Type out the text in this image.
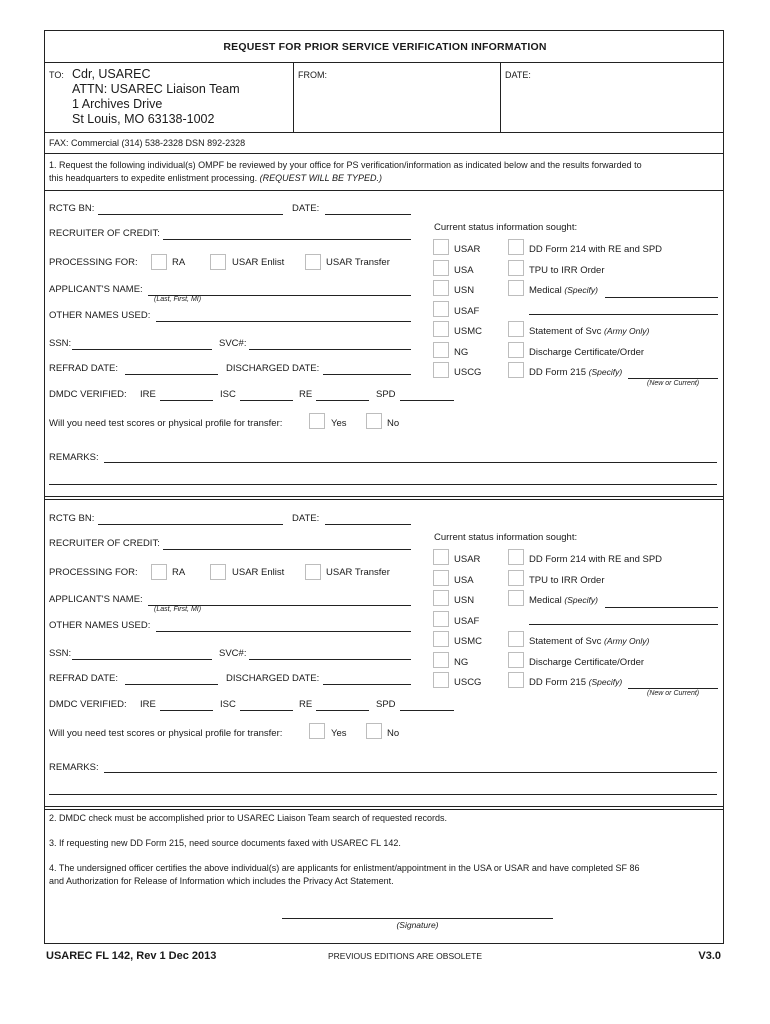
REQUEST FOR PRIOR SERVICE VERIFICATION INFORMATION
TO: Cdr, USAREC
ATTN: USAREC Liaison Team
1 Archives Drive
St Louis, MO 63138-1002
FROM:	DATE:
FAX: Commercial (314) 538-2328 DSN 892-2328
1. Request the following individual(s) OMPF be reviewed by your office for PS verification/information as indicated below and the results forwarded to
this headquarters to expedite enlistment processing. (REQUEST WILL BE TYPED.)
RCTG BN:	DATE:
RECRUITER OF CREDIT:
PROCESSING FOR:	RA	USAR Enlist	USAR Transfer
APPLICANT'S NAME:
(Last, First, MI)
OTHER NAMES USED:
SSN:	SVC#:
REFRAD DATE:	DISCHARGED DATE:
DMDC VERIFIED: IRE	ISC	RE	SPD
Will you need test scores or physical profile for transfer:	Yes	No
REMARKS:
Current status information sought:
USAR	DD Form 214 with RE and SPD
USA	TPU to IRR Order
USN	Medical (Specify)
USAF
USMC	Statement of Svc (Army Only)
NG	Discharge Certificate/Order
USCG	DD Form 215 (Specify)
(New or Current)
RCTG BN:	DATE:
RECRUITER OF CREDIT:
PROCESSING FOR:	RA	USAR Enlist	USAR Transfer
APPLICANT'S NAME:
(Last, First, MI)
OTHER NAMES USED:
SSN:	SVC#:
REFRAD DATE:	DISCHARGED DATE:
DMDC VERIFIED: IRE	ISC	RE	SPD
Will you need test scores or physical profile for transfer:	Yes	No
REMARKS:
Current status information sought:
USAR	DD Form 214 with RE and SPD
USA	TPU to IRR Order
USN	Medical (Specify)
USAF
USMC	Statement of Svc (Army Only)
NG	Discharge Certificate/Order
USCG	DD Form 215 (Specify)
(New or Current)
2. DMDC check must be accomplished prior to USAREC Liaison Team search of requested records.
3. If requesting new DD Form 215, need source documents faxed with USAREC FL 142.
4. The undersigned officer certifies the above individual(s) are applicants for enlistment/appointment in the USA or USAR and have completed SF 86
and Authorization for Release of Information which includes the Privacy Act Statement.
(Signature)
USAREC FL 142, Rev 1 Dec 2013	PREVIOUS EDITIONS ARE OBSOLETE	V3.0
